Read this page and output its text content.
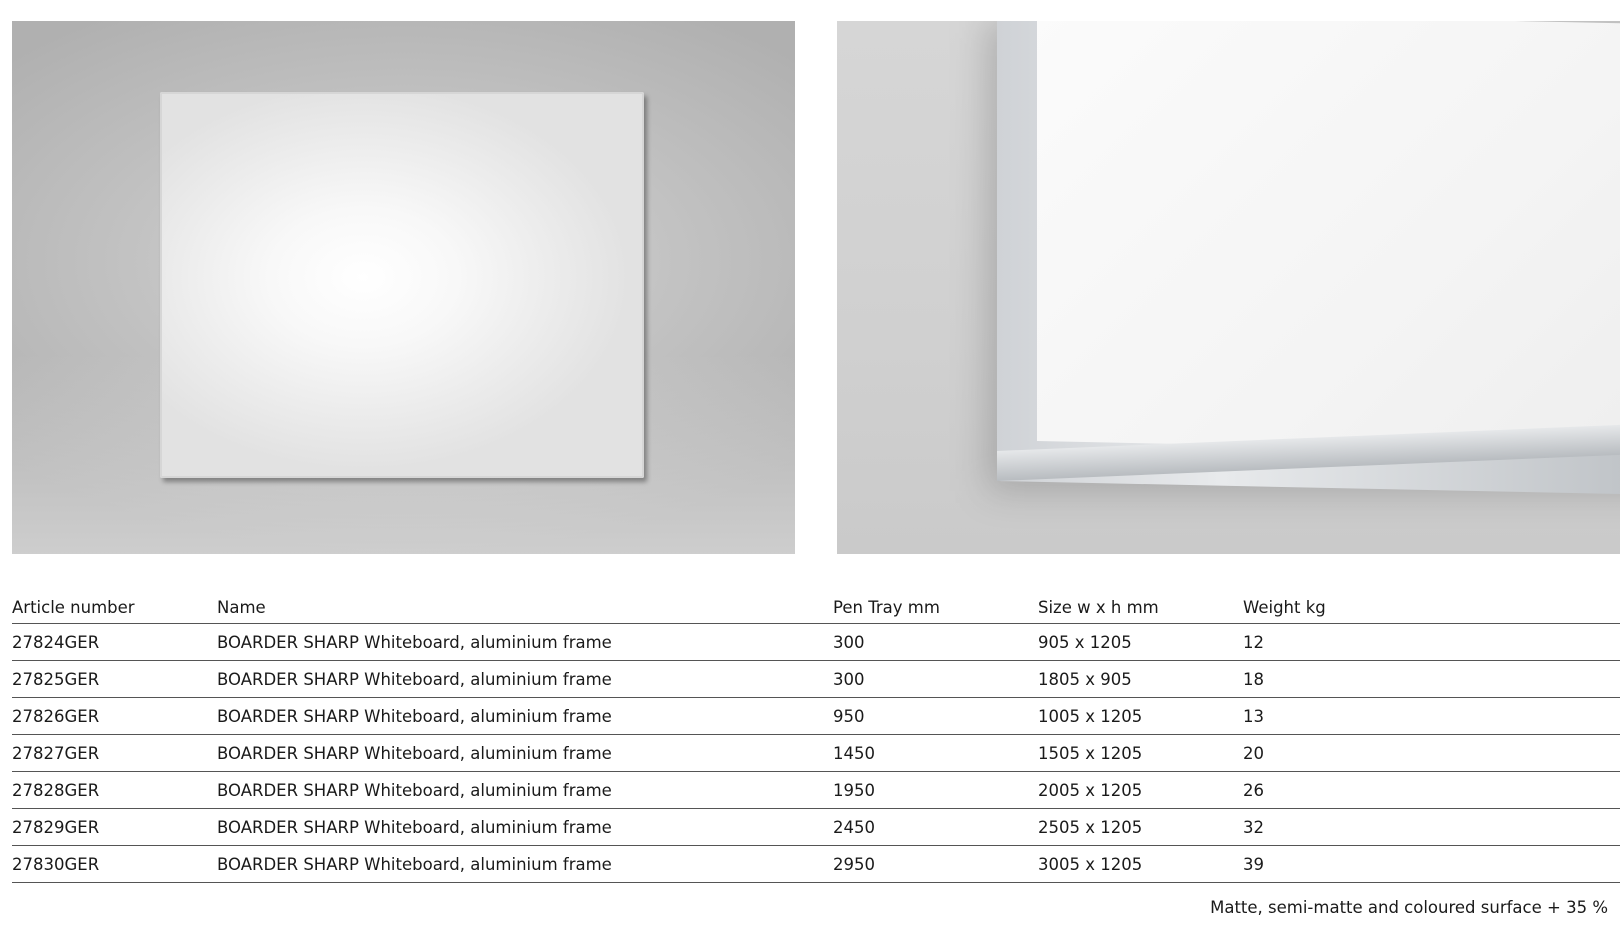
Article number	Name	Pen Tray mm	Size w x h mm	Weight kg
27824GER	BOARDER SHARP Whiteboard, aluminium frame	300	905 x 1205	12
27825GER	BOARDER SHARP Whiteboard, aluminium frame	300	1805 x 905	18
27826GER	BOARDER SHARP Whiteboard, aluminium frame	950	1005 x 1205	13
27827GER	BOARDER SHARP Whiteboard, aluminium frame	1450	1505 x 1205	20
27828GER	BOARDER SHARP Whiteboard, aluminium frame	1950	2005 x 1205	26
27829GER	BOARDER SHARP Whiteboard, aluminium frame	2450	2505 x 1205	32
27830GER	BOARDER SHARP Whiteboard, aluminium frame	2950	3005 x 1205	39
Matte, semi-matte and coloured surface + 35 %
